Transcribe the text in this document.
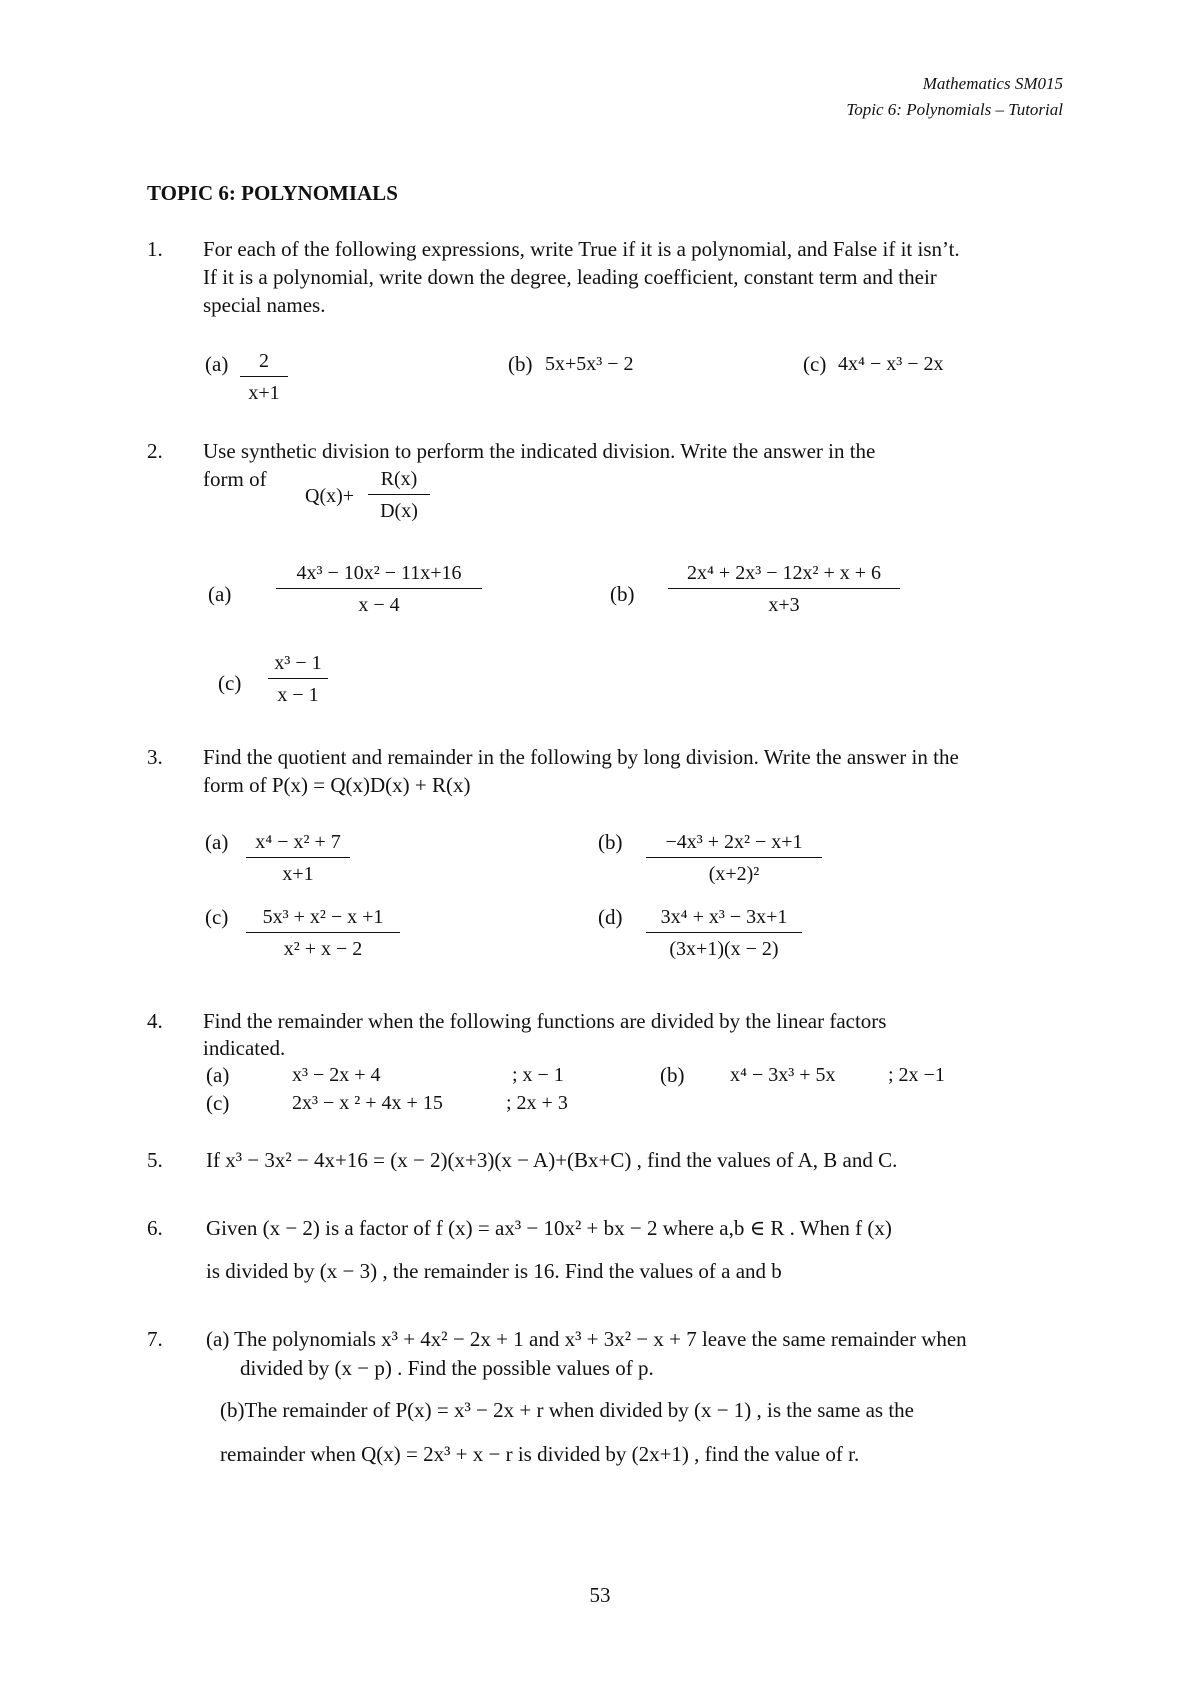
Mathematics SM015
Topic 6: Polynomials – Tutorial
TOPIC 6: POLYNOMIALS
1. For each of the following expressions, write True if it is a polynomial, and False if it isn’t.
If it is a polynomial, write down the degree, leading coefficient, constant term and their
special names.
$(a) \frac{2}{x+1}$	(b) 5x+5x³ − 2	(c) 4x⁴ − x³ − 2x
2. Use synthetic division to perform the indicated division. Write the answer in the
form of
$Q(x)+ \frac{R(x)}{D(x)}$
$(a) \frac{\text{4x³ − 10x² − 11x+16}}{x - 4}$	$(b) \frac{\text{2x⁴ + 2x³ − 12x² + x + 6}}{x+3}$
$(c) \frac{\text{x³ − 1}}{x - 1}$
3. Find the quotient and remainder in the following by long division. Write the answer in the
form of P(x) = Q(x)D(x) + R(x)
$(a) \frac{\text{x⁴ − x² + 7}}{x+1}$	$(b) \frac{\text{−4x³ + 2x² − x+1}}{\text{(x+2)²}}$
$(c) \frac{\text{5x³ + x² − x +1}}{\text{x² + x − 2}}$	$(d) \frac{\text{3x⁴ + x³ − 3x+1}}{(3x+1)(x - 2)}$
4. Find the remainder when the following functions are divided by the linear factors
indicated.
(a)	x³ − 2x + 4	; x − 1	(b) x⁴ − 3x³ + 5x	; 2x −1
(c)	2x³ − x ² + 4x + 15	; 2x + 3
5. If x³ − 3x² − 4x+16 = (x − 2)(x+3)(x − A)+(Bx+C) , find the values of A, B and C.
6. Given (x − 2) is a factor of f (x) = ax³ − 10x² + bx − 2 where a,b ∈ R . When f (x)
is divided by (x − 3) , the remainder is 16. Find the values of a and b
7. (a) The polynomials x³ + 4x² − 2x + 1 and x³ + 3x² − x + 7 leave the same remainder when
divided by (x − p) . Find the possible values of p.
(b)The remainder of P(x) = x³ − 2x + r when divided by (x − 1) , is the same as the
remainder when Q(x) = 2x³ + x − r is divided by (2x+1) , find the value of r.
53
